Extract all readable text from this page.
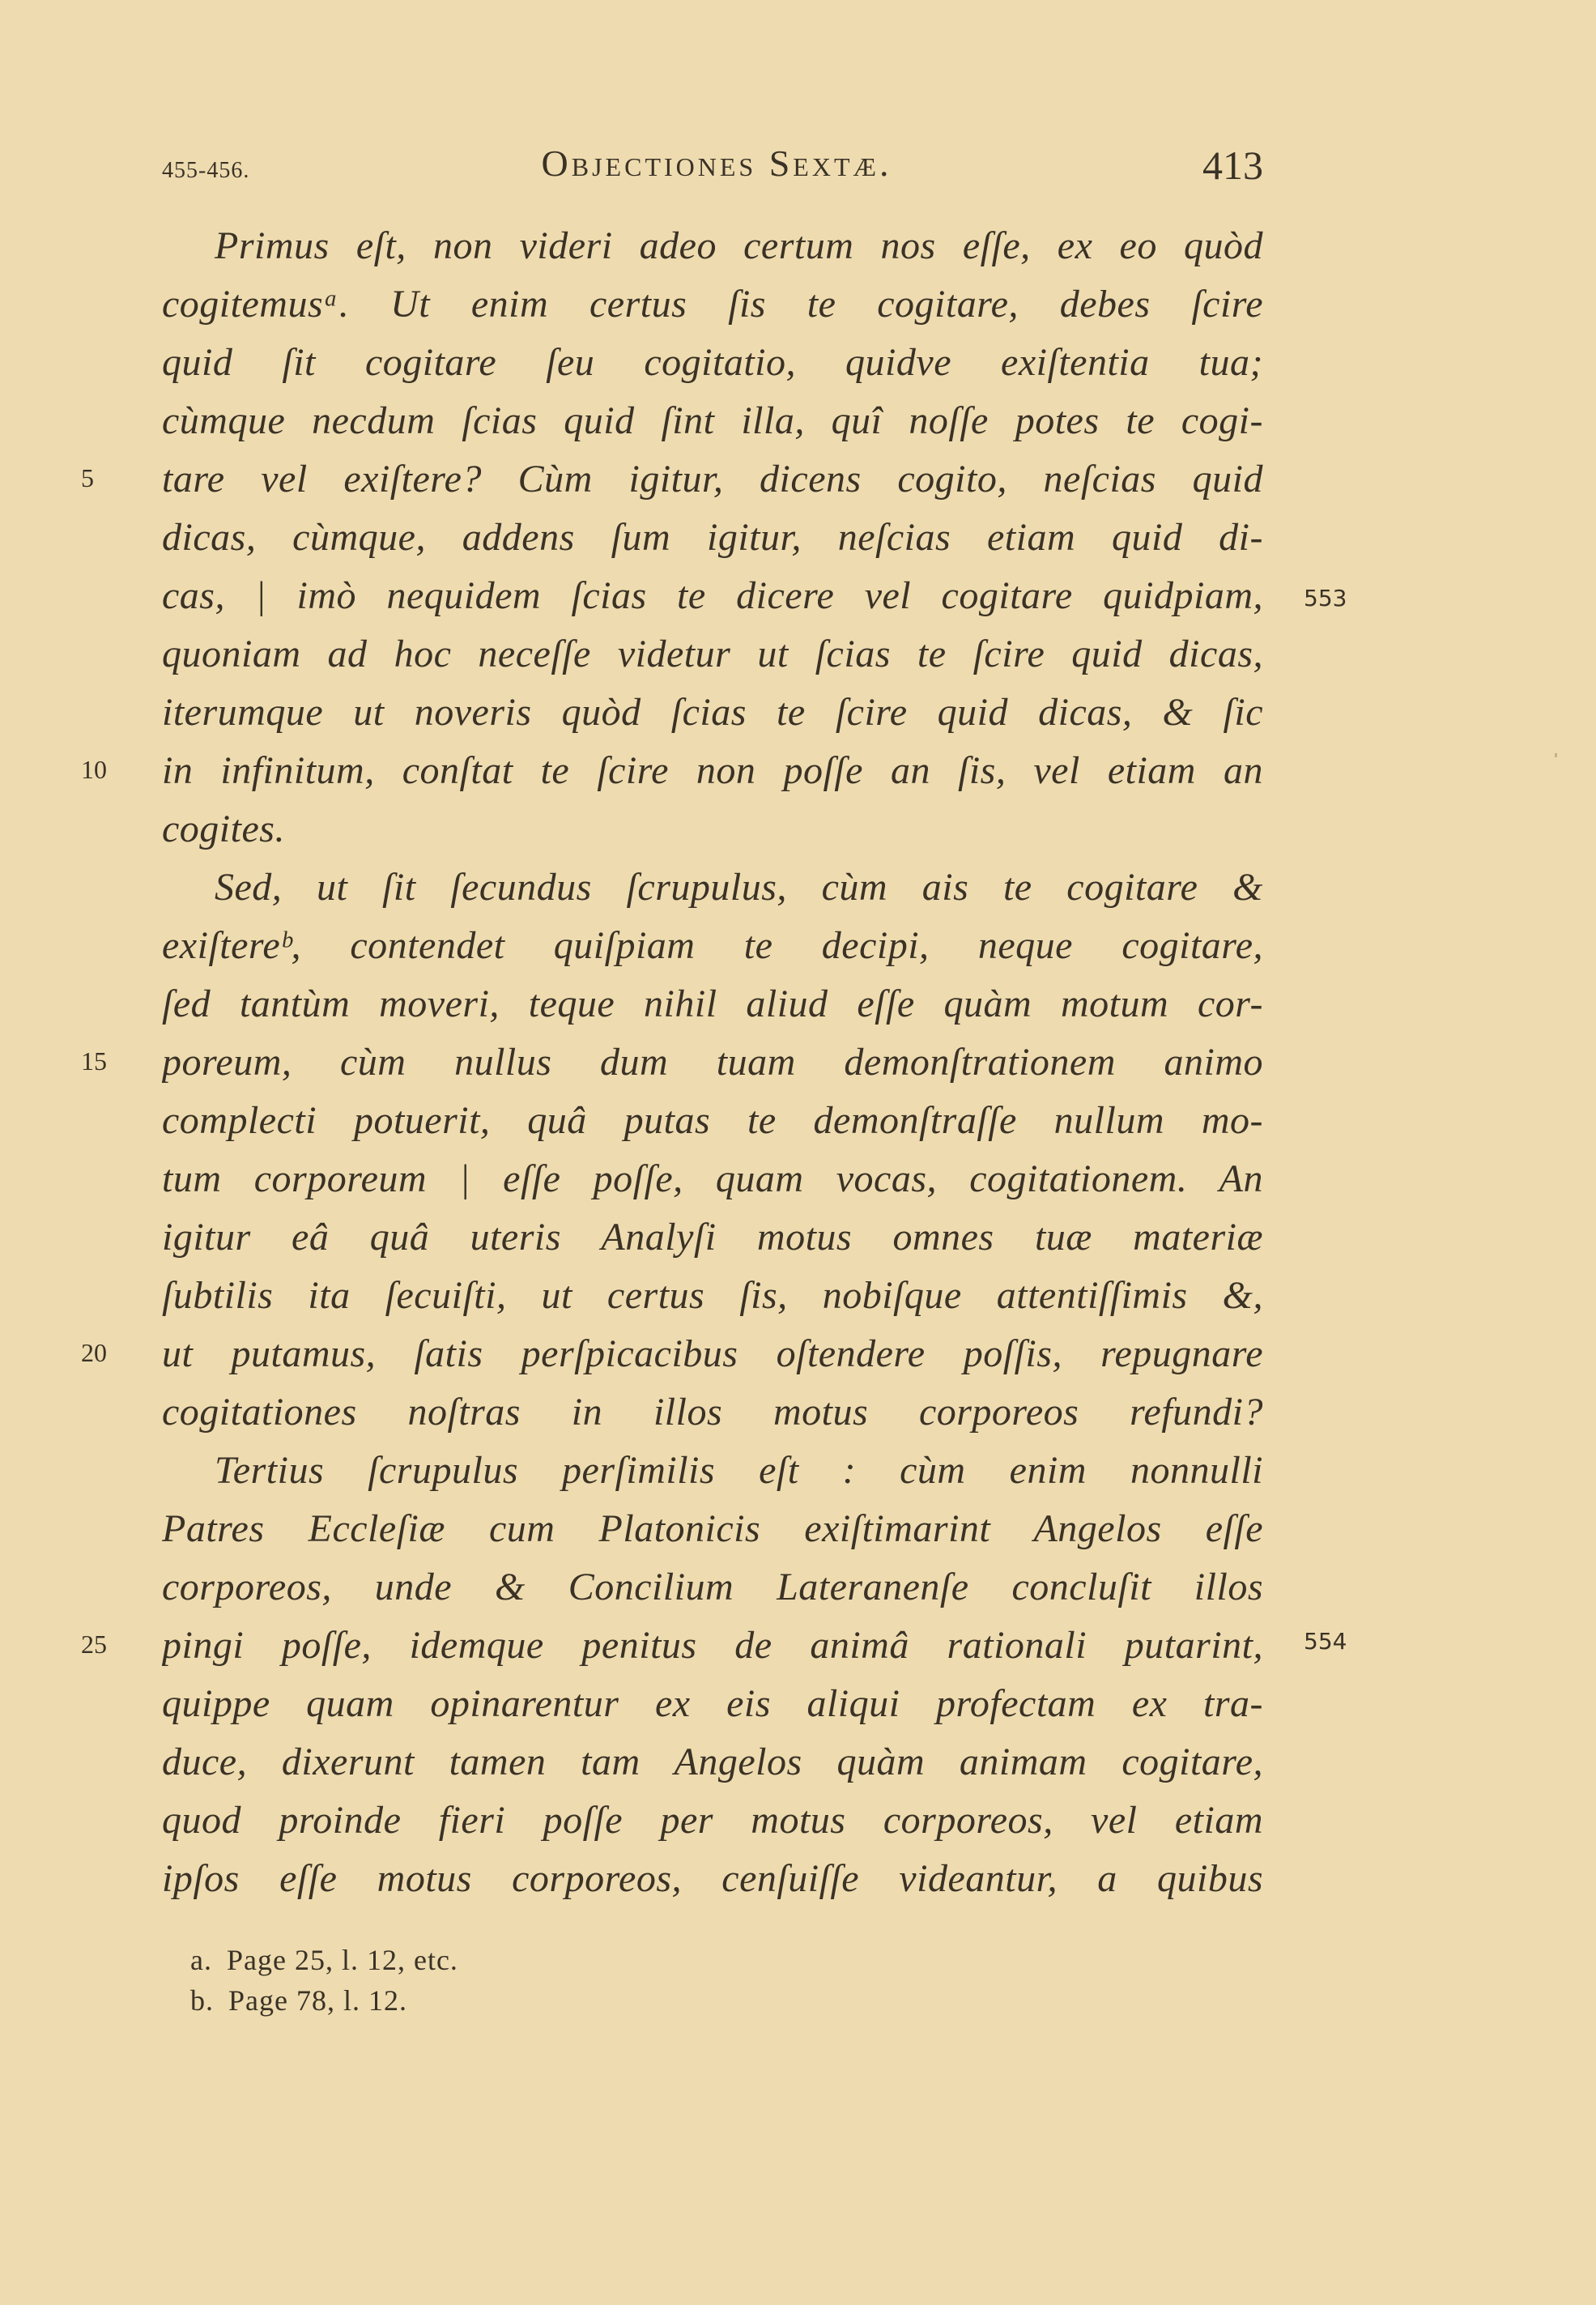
455-456.	Objectiones Sextæ.	413
Primus eſt, non videri adeo certum nos eſſe, ex eo quòd
cogitemusᵃ. Ut enim certus ſis te cogitare, debes ſcire
quid ſit cogitare ſeu cogitatio, quidve exiſtentia tua;
cùmque necdum ſcias quid ſint illa, quî noſſe potes te cogi-
tare vel exiſtere? Cùm igitur, dicens cogito, neſcias quid
dicas, cùmque, addens ſum igitur, neſcias etiam quid di-
cas, | imò nequidem ſcias te dicere vel cogitare quidpiam,
quoniam ad hoc neceſſe videtur ut ſcias te ſcire quid dicas,
iterumque ut noveris quòd ſcias te ſcire quid dicas, & ſic
in infinitum, conſtat te ſcire non poſſe an ſis, vel etiam an
cogites.
Sed, ut ſit ſecundus ſcrupulus, cùm ais te cogitare &
exiſtereᵇ, contendet quiſpiam te decipi, neque cogitare,
ſed tantùm moveri, teque nihil aliud eſſe quàm motum cor-
poreum, cùm nullus dum tuam demonſtrationem animo
complecti potuerit, quâ putas te demonſtraſſe nullum mo-
tum corporeum | eſſe poſſe, quam vocas, cogitationem. An
igitur eâ quâ uteris Analyſi motus omnes tuæ materiæ
ſubtilis ita ſecuiſti, ut certus ſis, nobiſque attentiſſimis &,
ut putamus, ſatis perſpicacibus oſtendere poſſis, repugnare
cogitationes noſtras in illos motus corporeos refundi?
Tertius ſcrupulus perſimilis eſt : cùm enim nonnulli
Patres Eccleſiæ cum Platonicis exiſtimarint Angelos eſſe
corporeos, unde & Concilium Lateranenſe concluſit illos
pingi poſſe, idemque penitus de animâ rationali putarint,
quippe quam opinarentur ex eis aliqui profectam ex tra-
duce, dixerunt tamen tam Angelos quàm animam cogitare,
quod proinde fieri poſſe per motus corporeos, vel etiam
ipſos eſſe motus corporeos, cenſuiſſe videantur, a quibus
5
10
15
20
25
553
554
a. Page 25, l. 12, etc.
b. Page 78, l. 12.
